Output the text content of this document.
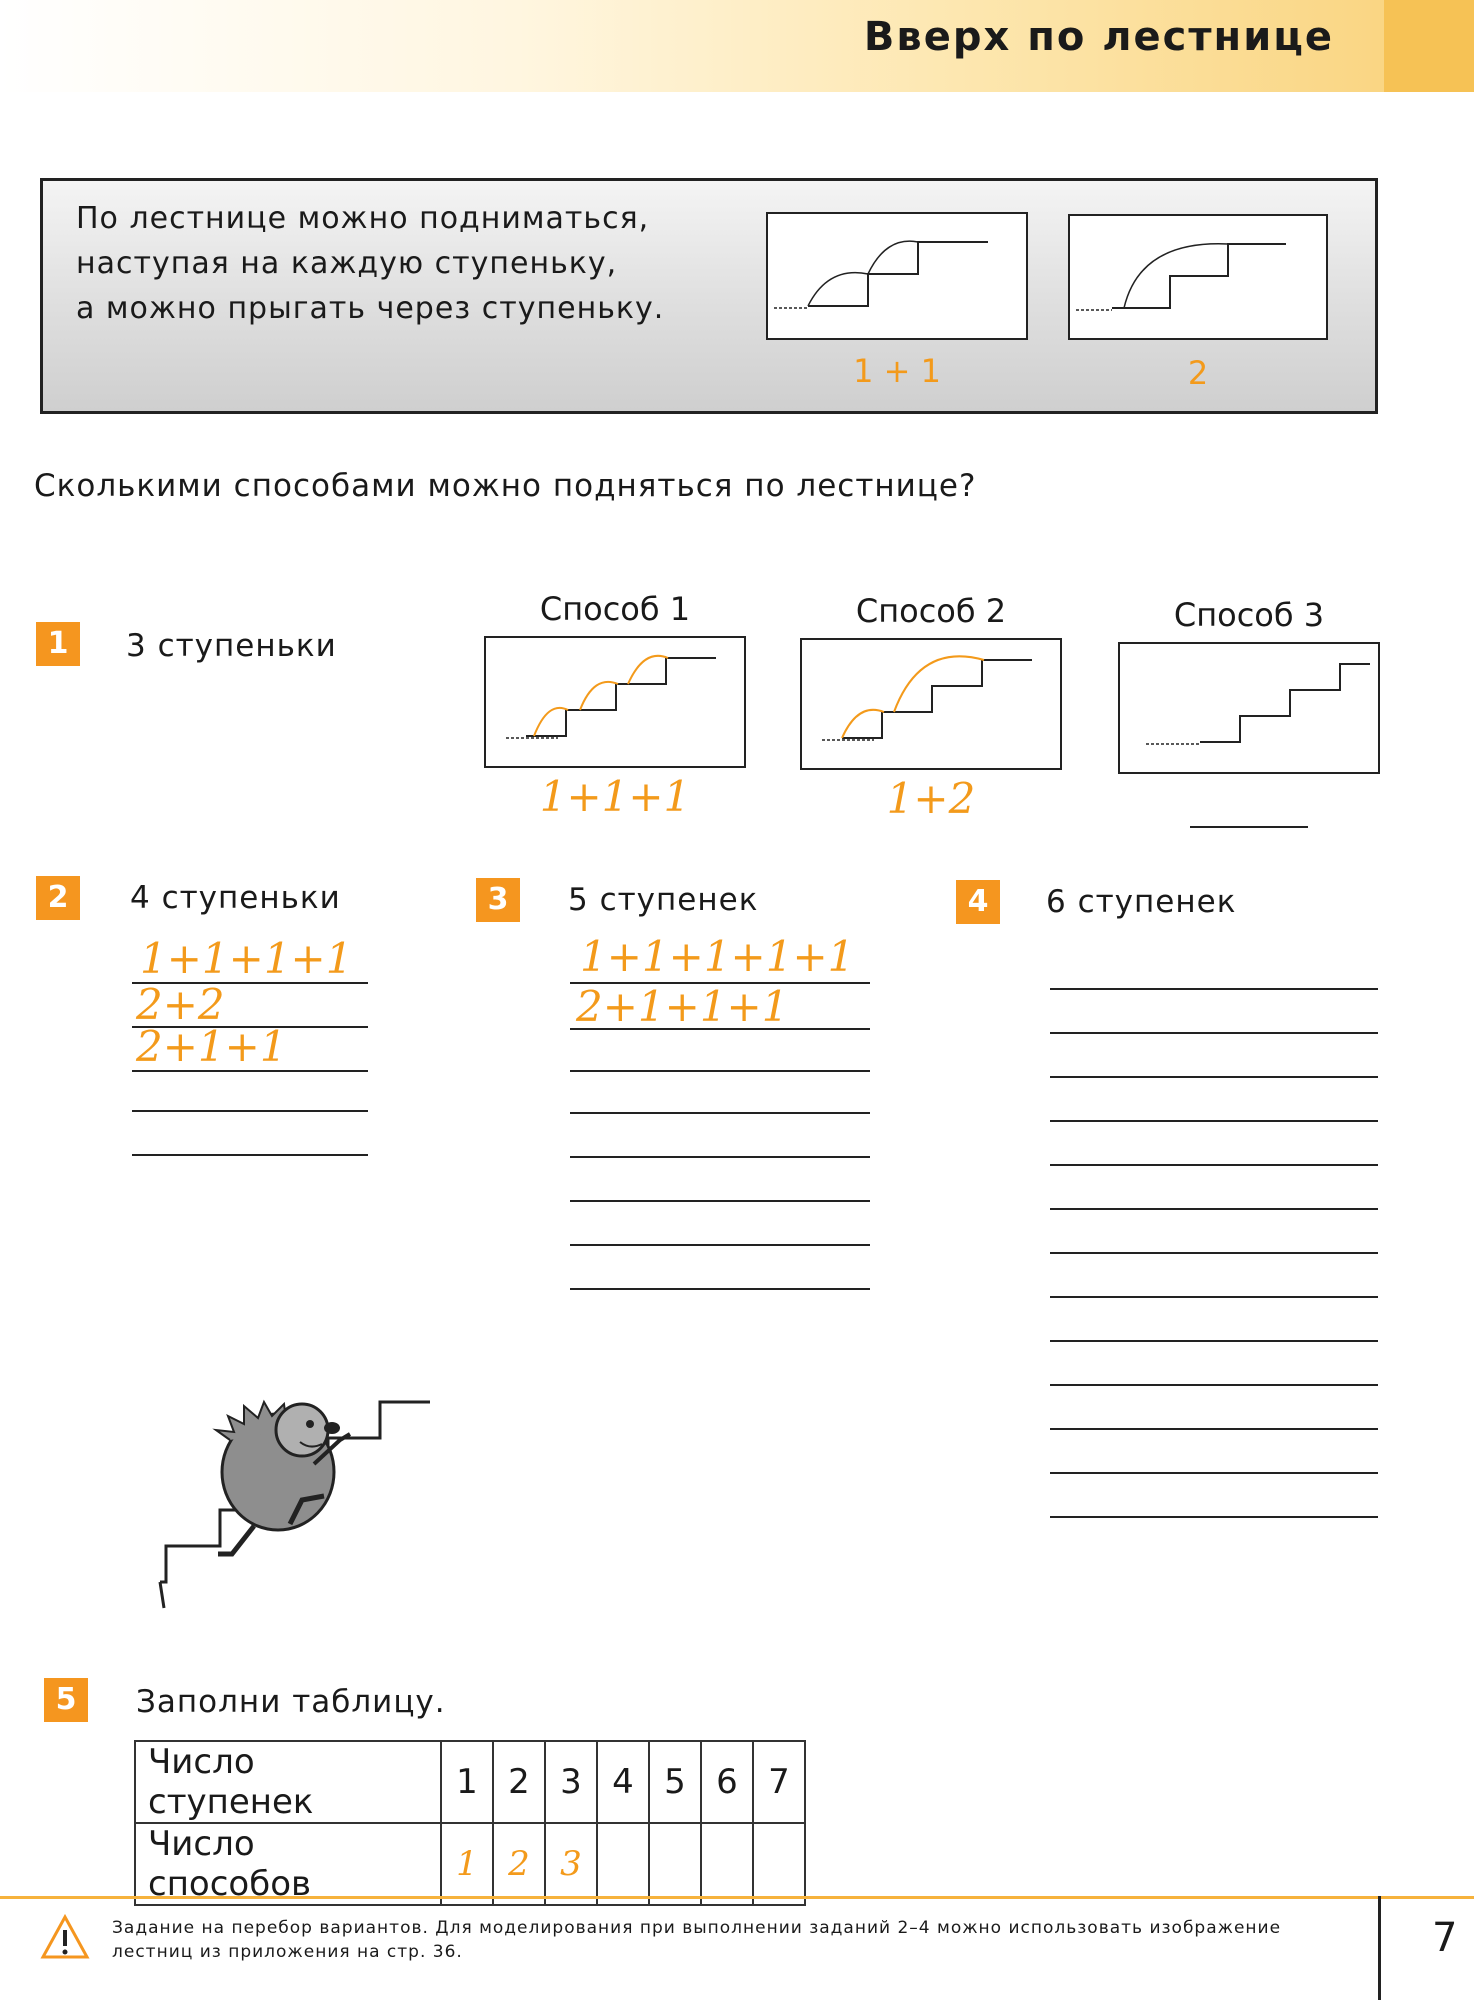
Вверх по лестнице
По лестнице можно подниматься,
наступая на каждую ступеньку,
а можно прыгать через ступеньку.
1 + 1	2
Сколькими способами можно подняться по лестнице?
1	3 ступеньки
Способ 1
1+1+1
Способ 2
1+2
Способ 3
2	4 ступеньки
1+1+1+1
2+2
2+1+1
3	5 ступенек
1+1+1+1+1
2+1+1+1
4	6 ступенек
5	Заполни таблицу.
Число ступенек	1	2	3	4	5	6	7
Число способов	1	2	3				
Задание на перебор вариантов. Для моделирования при выполнении заданий 2–4 можно использовать изображение лестниц из приложения на стр. 36.	7
